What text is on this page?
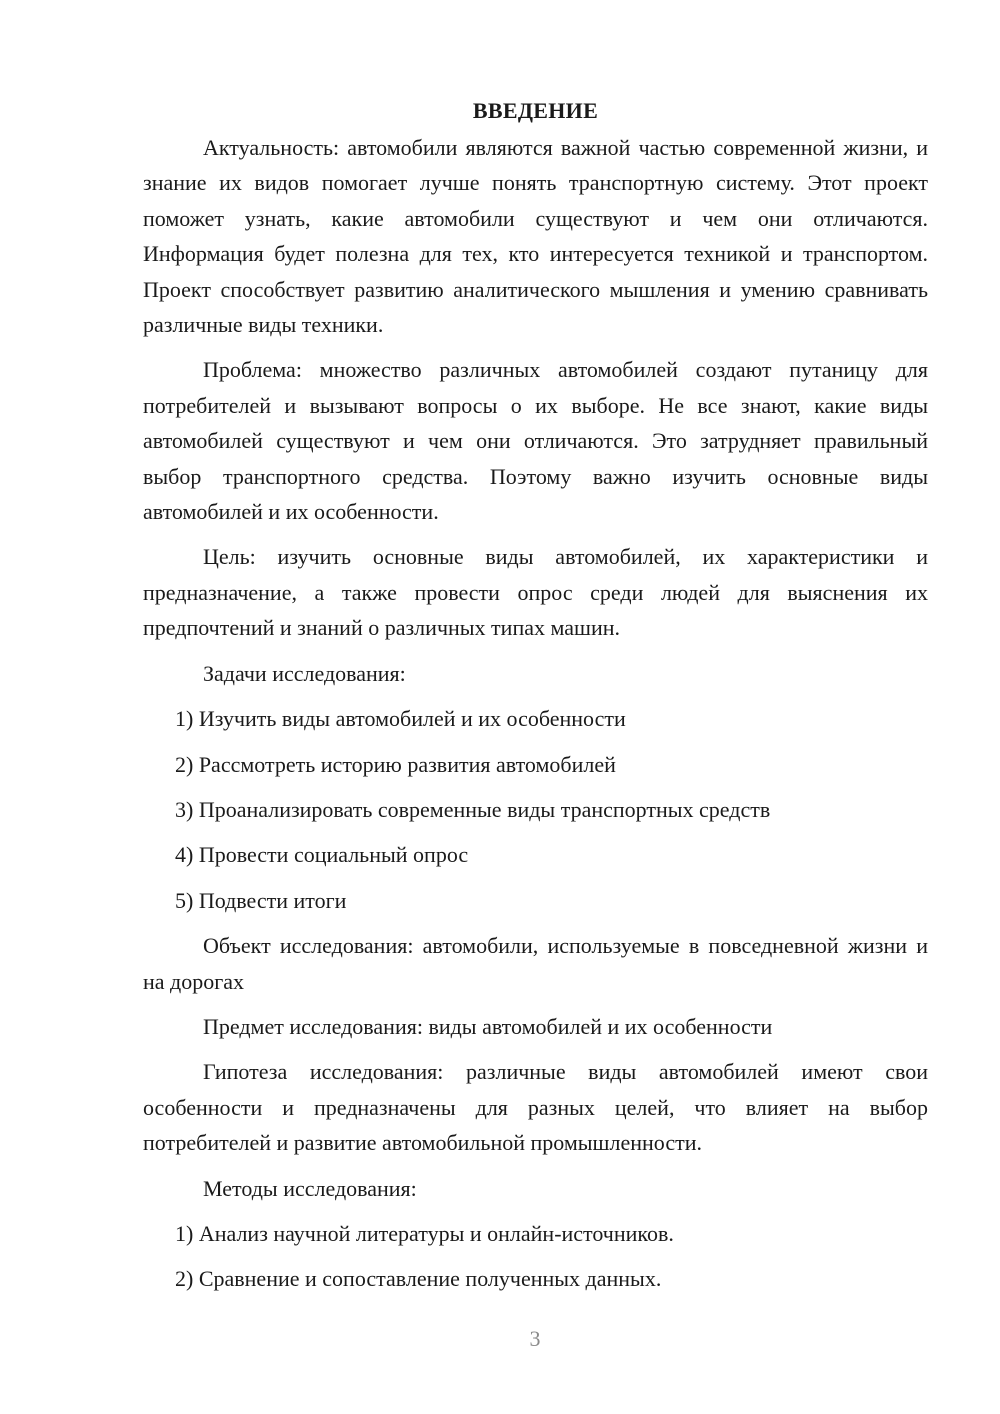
ВВЕДЕНИЕ

Актуальность: автомобили являются важной частью современной жизни, и знание их видов помогает лучше понять транспортную систему. Этот проект поможет узнать, какие автомобили существуют и чем они отличаются. Информация будет полезна для тех, кто интересуется техникой и транспортом. Проект способствует развитию аналитического мышления и умению сравнивать различные виды техники.

Проблема: множество различных автомобилей создают путаницу для потребителей и вызывают вопросы о их выборе. Не все знают, какие виды автомобилей существуют и чем они отличаются. Это затрудняет правильный выбор транспортного средства. Поэтому важно изучить основные виды автомобилей и их особенности.

Цель: изучить основные виды автомобилей, их характеристики и предназначение, а также провести опрос среди людей для выяснения их предпочтений и знаний о различных типах машин.

Задачи исследования:

1) Изучить виды автомобилей и их особенности
2) Рассмотреть историю развития автомобилей
3) Проанализировать современные виды транспортных средств
4) Провести социальный опрос
5) Подвести итоги

Объект исследования: автомобили, используемые в повседневной жизни и на дорогах

Предмет исследования: виды автомобилей и их особенности

Гипотеза исследования: различные виды автомобилей имеют свои особенности и предназначены для разных целей, что влияет на выбор потребителей и развитие автомобильной промышленности.

Методы исследования:

1) Анализ научной литературы и онлайн-источников.
2) Сравнение и сопоставление полученных данных.
3
